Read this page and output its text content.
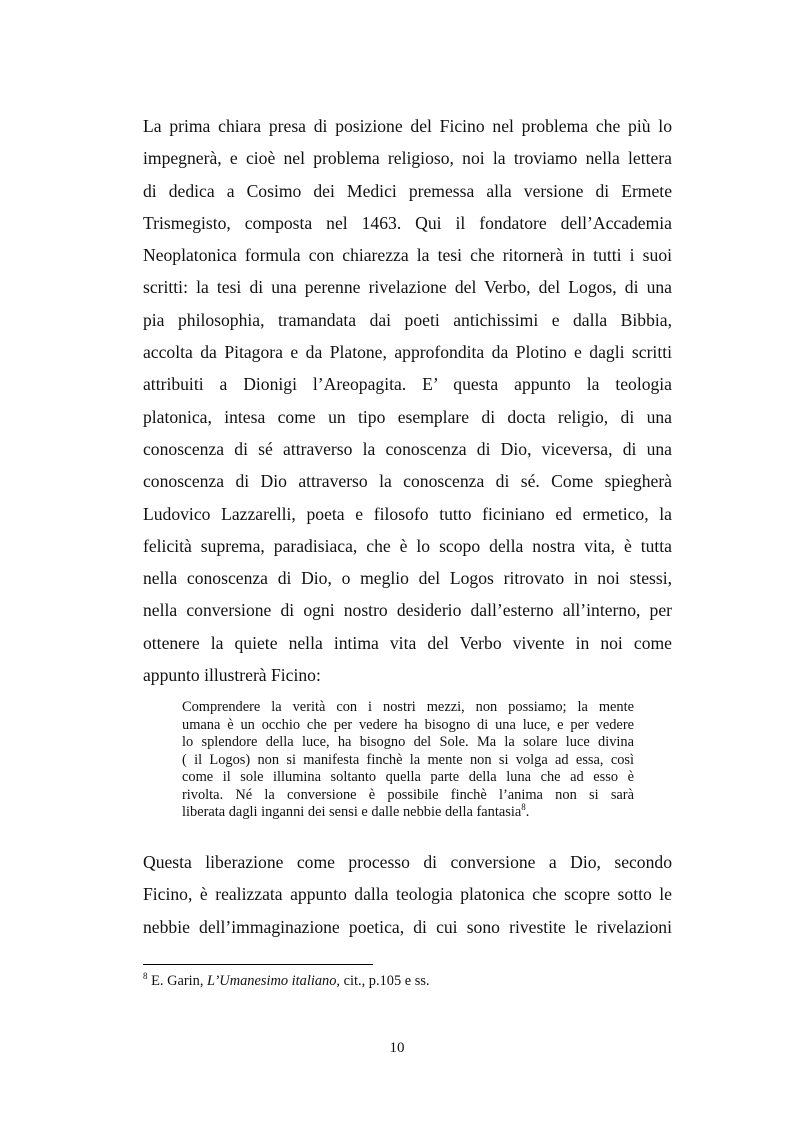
La prima chiara presa di posizione del Ficino nel problema che più lo
impegnerà, e cioè nel problema religioso, noi la troviamo nella lettera
di dedica a Cosimo dei Medici premessa alla versione di Ermete
Trismegisto, composta nel 1463. Qui il fondatore dell’Accademia
Neoplatonica formula con chiarezza la tesi che ritornerà in tutti i suoi
scritti: la tesi di una perenne rivelazione del Verbo, del Logos, di una
pia philosophia, tramandata dai poeti antichissimi e dalla Bibbia,
accolta da Pitagora e da Platone, approfondita da Plotino e dagli scritti
attribuiti a Dionigi l’Areopagita. E’ questa appunto la teologia
platonica, intesa come un tipo esemplare di docta religio, di una
conoscenza di sé attraverso la conoscenza di Dio, viceversa, di una
conoscenza di Dio attraverso la conoscenza di sé. Come spiegherà
Ludovico Lazzarelli, poeta e filosofo tutto ficiniano ed ermetico, la
felicità suprema, paradisiaca, che è lo scopo della nostra vita, è tutta
nella conoscenza di Dio, o meglio del Logos ritrovato in noi stessi,
nella conversione di ogni nostro desiderio dall’esterno all’interno, per
ottenere la quiete nella intima vita del Verbo vivente in noi come
appunto illustrerà Ficino:
Comprendere la verità con i nostri mezzi, non possiamo; la mente
umana è un occhio che per vedere ha bisogno di una luce, e per vedere
lo splendore della luce, ha bisogno del Sole. Ma la solare luce divina
( il Logos) non si manifesta finchè la mente non si volga ad essa, così
come il sole illumina soltanto quella parte della luna che ad esso è
rivolta. Né la conversione è possibile finchè l’anima non si sarà
liberata dagli inganni dei sensi e dalle nebbie della fantasia$^8$.
Questa liberazione come processo di conversione a Dio, secondo
Ficino, è realizzata appunto dalla teologia platonica che scopre sotto le
nebbie dell’immaginazione poetica, di cui sono rivestite le rivelazioni
$^8$ E. Garin, L’Umanesimo italiano, cit., p.105 e ss.
10
